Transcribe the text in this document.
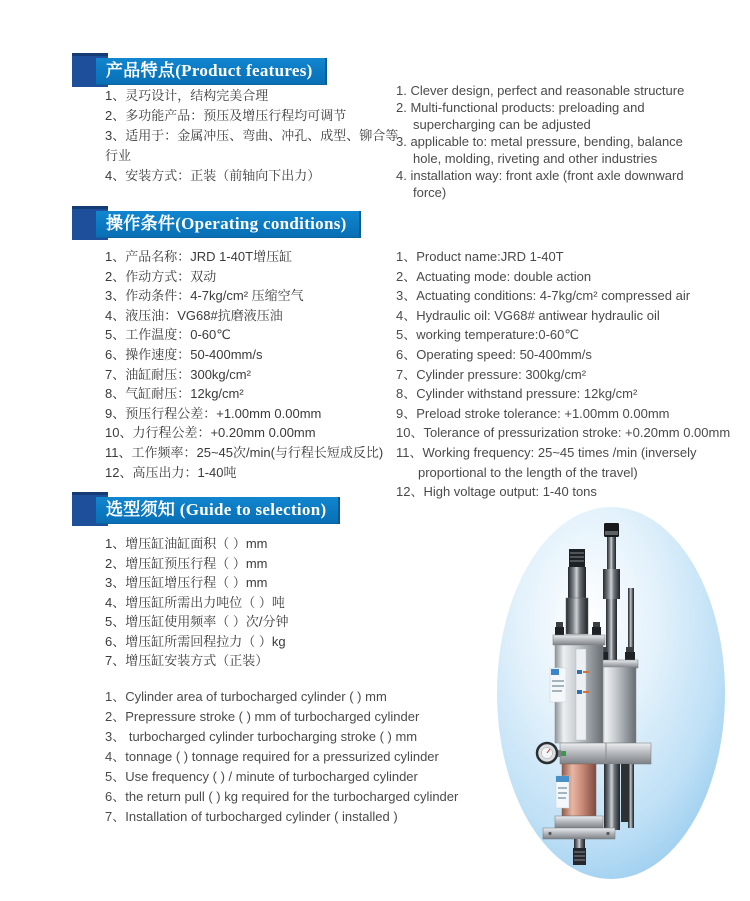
产品特点(Product features)
1、灵巧设计，结构完美合理
2、多功能产品：预压及增压行程均可调节
3、适用于：金属冲压、弯曲、冲孔、成型、铆合等行业
4、安装方式：正装（前轴向下出力）
1. Clever design, perfect and reasonable structure
2. Multi-functional products: preloading and supercharging can be adjusted
3. applicable to: metal pressure, bending, balance hole, molding, riveting and other industries
4. installation way: front axle (front axle downward force)
操作条件(Operating conditions)
1、产品名称：JRD 1-40T增压缸
2、作动方式：双动
3、作动条件：4-7kg/cm² 压缩空气
4、液压油：VG68#抗磨液压油
5、工作温度：0-60℃
6、操作速度：50-400mm/s
7、油缸耐压：300kg/cm²
8、气缸耐压：12kg/cm²
9、预压行程公差：+1.00mm 0.00mm
10、力行程公差：+0.20mm 0.00mm
11、工作频率：25~45次/min(与行程长短成反比)
12、高压出力：1-40吨
1、Product name:JRD 1-40T
2、Actuating mode: double action
3、Actuating conditions: 4-7kg/cm² compressed air
4、Hydraulic oil: VG68# antiwear hydraulic oil
5、working temperature:0-60℃
6、Operating speed: 50-400mm/s
7、Cylinder pressure: 300kg/cm²
8、Cylinder withstand pressure: 12kg/cm²
9、Preload stroke tolerance: +1.00mm 0.00mm
10、Tolerance of pressurization stroke: +0.20mm 0.00mm
11、Working frequency: 25~45 times /min (inversely proportional to the length of the travel)
12、High voltage output: 1-40 tons
选型须知 (Guide to selection)
1、增压缸油缸面积（ ）mm
2、增压缸预压行程（ ）mm
3、增压缸增压行程（ ）mm
4、增压缸所需出力吨位（ ）吨
5、增压缸使用频率（ ）次/分钟
6、增压缸所需回程拉力（ ）kg
7、增压缸安装方式（正装）
1、Cylinder area of turbocharged cylinder ( ) mm
2、Prepressure stroke ( ) mm of turbocharged cylinder
3、 turbocharged cylinder turbocharging stroke ( ) mm
4、tonnage ( ) tonnage required for a pressurized cylinder
5、Use frequency ( ) / minute of turbocharged cylinder
6、the return pull ( ) kg required for the turbocharged cylinder
7、Installation of turbocharged cylinder ( installed )
